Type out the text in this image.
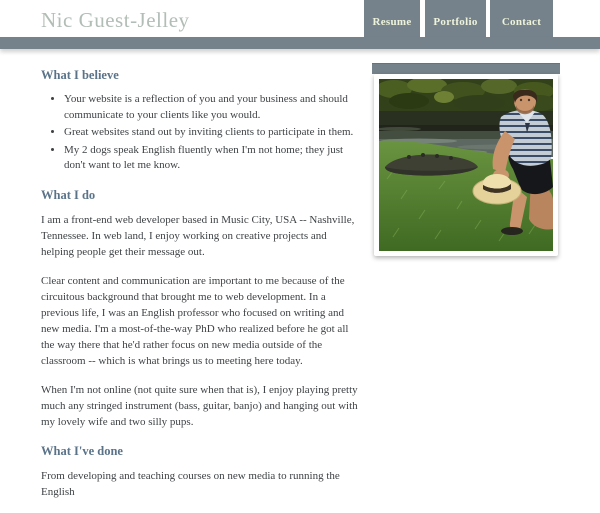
Nic Guest-Jelley	Resume Portfolio Contact
What I believe
• Your website is a reflection of you and your business and should communicate to your clients like you would.
• Great websites stand out by inviting clients to participate in them.
• My 2 dogs speak English fluently when I'm not home; they just don't want to let me know.
What I do

I am a front-end web developer based in Music City, USA -- Nashville, Tennessee. In web land, I enjoy working on creative projects and helping people get their message out.

Clear content and communication are important to me because of the circuitous background that brought me to web development. In a previous life, I was an English professor who focused on writing and new media. I'm a most-of-the-way PhD who realized before he got all the way there that he'd rather focus on new media outside of the classroom -- which is what brings us to meeting here today.

When I'm not online (not quite sure when that is), I enjoy playing pretty much any stringed instrument (bass, guitar, banjo) and hanging out with my lovely wife and two silly pups.

What I've done

From developing and teaching courses on new media to running the English
